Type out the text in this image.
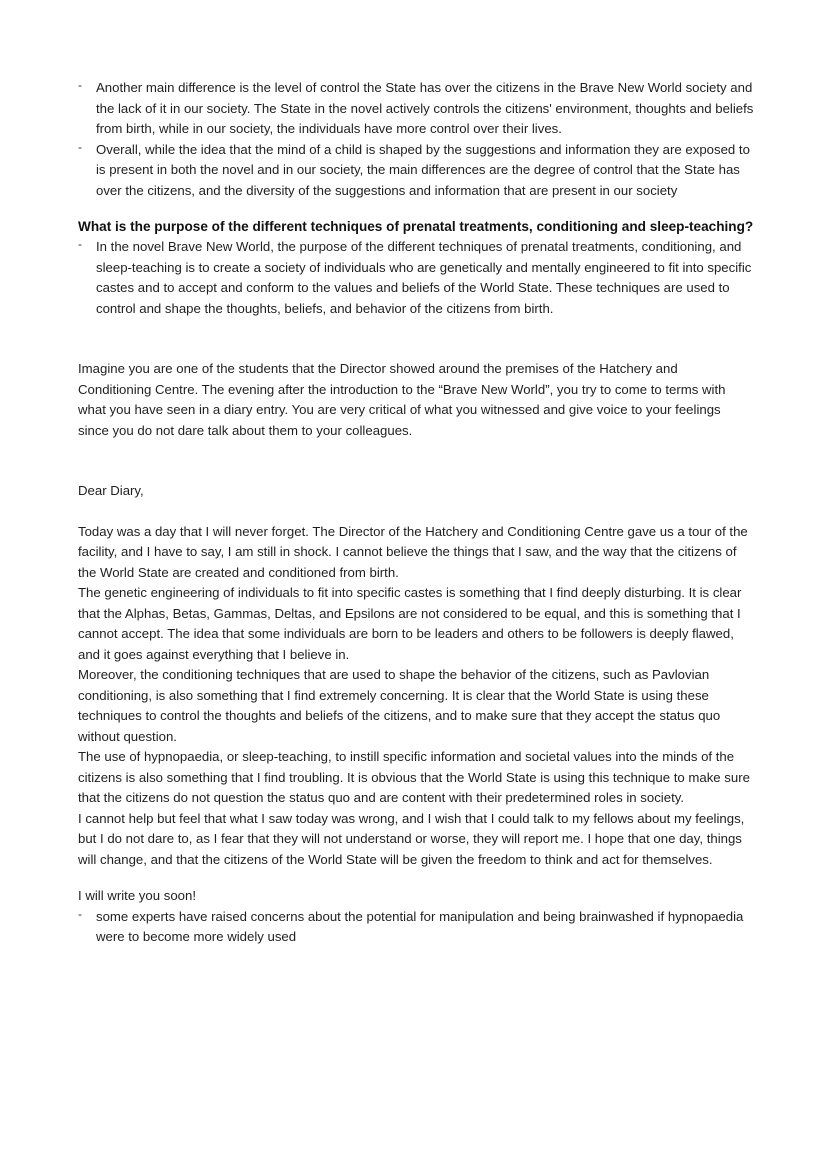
- Another main difference is the level of control the State has over the citizens in the Brave New World society and the lack of it in our society. The State in the novel actively controls the citizens' environment, thoughts and beliefs from birth, while in our society, the individuals have more control over their lives.
- Overall, while the idea that the mind of a child is shaped by the suggestions and information they are exposed to is present in both the novel and in our society, the main differences are the degree of control that the State has over the citizens, and the diversity of the suggestions and information that are present in our society
What is the purpose of the different techniques of prenatal treatments, conditioning and sleep-teaching?
- In the novel Brave New World, the purpose of the different techniques of prenatal treatments, conditioning, and sleep-teaching is to create a society of individuals who are genetically and mentally engineered to fit into specific castes and to accept and conform to the values and beliefs of the World State. These techniques are used to control and shape the thoughts, beliefs, and behavior of the citizens from birth.

Imagine you are one of the students that the Director showed around the premises of the Hatchery and Conditioning Centre. The evening after the introduction to the “Brave New World”, you try to come to terms with what you have seen in a diary entry. You are very critical of what you witnessed and give voice to your feelings since you do not dare talk about them to your colleagues.

Dear Diary,

Today was a day that I will never forget. The Director of the Hatchery and Conditioning Centre gave us a tour of the facility, and I have to say, I am still in shock. I cannot believe the things that I saw, and the way that the citizens of the World State are created and conditioned from birth.

The genetic engineering of individuals to fit into specific castes is something that I find deeply disturbing. It is clear that the Alphas, Betas, Gammas, Deltas, and Epsilons are not considered to be equal, and this is something that I cannot accept. The idea that some individuals are born to be leaders and others to be followers is deeply flawed, and it goes against everything that I believe in.

Moreover, the conditioning techniques that are used to shape the behavior of the citizens, such as Pavlovian conditioning, is also something that I find extremely concerning. It is clear that the World State is using these techniques to control the thoughts and beliefs of the citizens, and to make sure that they accept the status quo without question.

The use of hypnopaedia, or sleep-teaching, to instill specific information and societal values into the minds of the citizens is also something that I find troubling. It is obvious that the World State is using this technique to make sure that the citizens do not question the status quo and are content with their predetermined roles in society.

I cannot help but feel that what I saw today was wrong, and I wish that I could talk to my fellows about my feelings, but I do not dare to, as I fear that they will not understand or worse, they will report me. I hope that one day, things will change, and that the citizens of the World State will be given the freedom to think and act for themselves.

I will write you soon!

- some experts have raised concerns about the potential for manipulation and being brainwashed if hypnopaedia were to become more widely used
